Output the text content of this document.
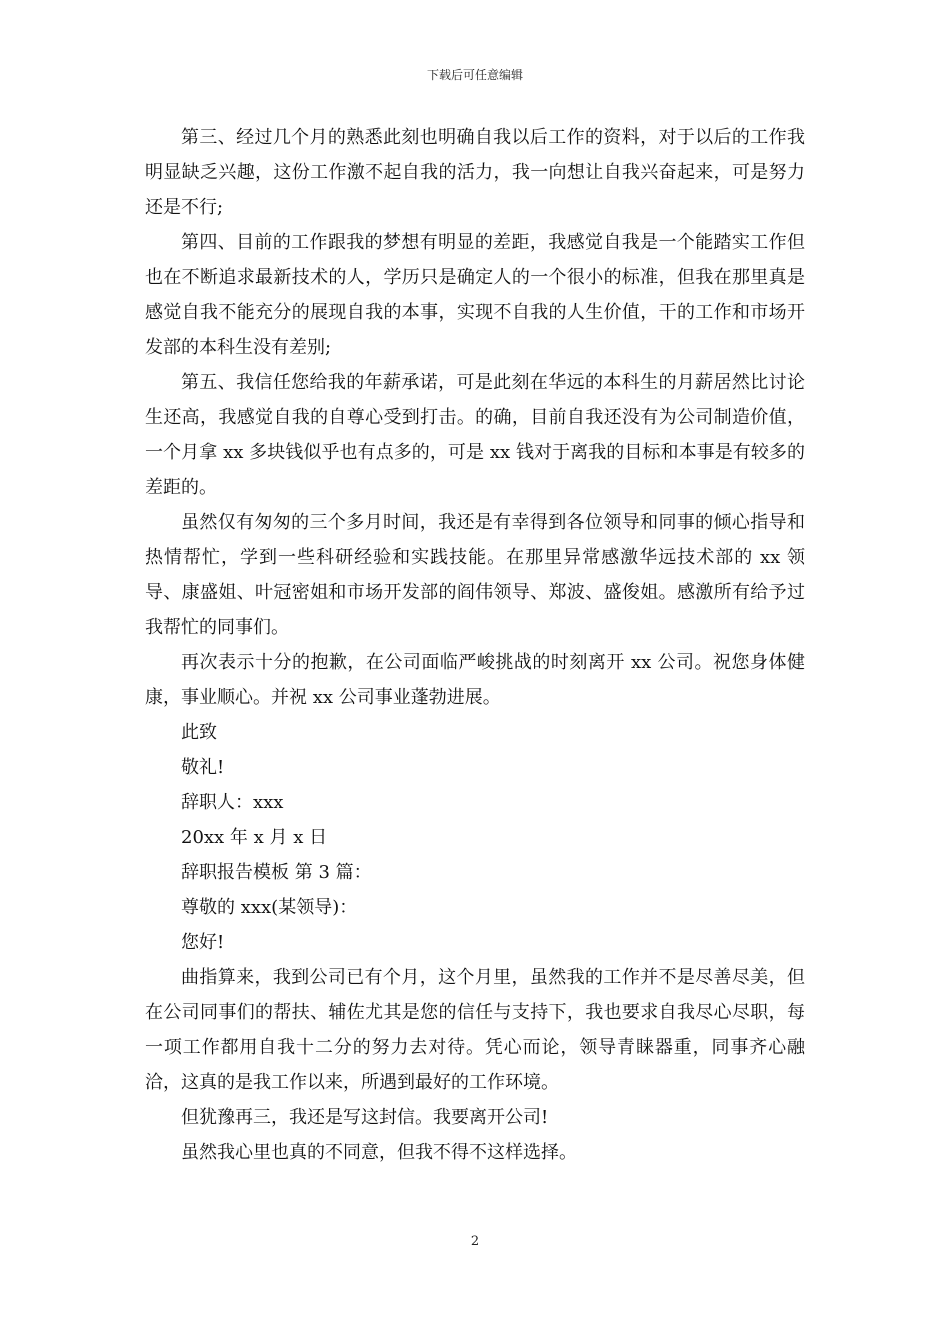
下载后可任意编辑

第三、经过几个月的熟悉此刻也明确自我以后工作的资料，对于以后的工作我明显缺乏兴趣，这份工作激不起自我的活力，我一向想让自我兴奋起来，可是努力还是不行;

第四、目前的工作跟我的梦想有明显的差距，我感觉自我是一个能踏实工作但也在不断追求最新技术的人，学历只是确定人的一个很小的标准，但我在那里真是感觉自我不能充分的展现自我的本事，实现不自我的人生价值，干的工作和市场开发部的本科生没有差别;

第五、我信任您给我的年薪承诺，可是此刻在华远的本科生的月薪居然比讨论生还高，我感觉自我的自尊心受到打击。的确，目前自我还没有为公司制造价值，一个月拿 xx 多块钱似乎也有点多的，可是 xx 钱对于离我的目标和本事是有较多的差距的。

虽然仅有匆匆的三个多月时间，我还是有幸得到各位领导和同事的倾心指导和热情帮忙，学到一些科研经验和实践技能。在那里异常感激华远技术部的 xx 领导、康盛姐、叶冠密姐和市场开发部的阎伟领导、郑波、盛俊姐。感激所有给予过我帮忙的同事们。

再次表示十分的抱歉，在公司面临严峻挑战的时刻离开 xx 公司。祝您身体健康，事业顺心。并祝 xx 公司事业蓬勃进展。

此致

敬礼!

辞职人：xxx

20xx 年 x 月 x 日

辞职报告模板 第 3 篇：

尊敬的 xxx(某领导)：

您好!

曲指算来，我到公司已有个月，这个月里，虽然我的工作并不是尽善尽美，但在公司同事们的帮扶、辅佐尤其是您的信任与支持下，我也要求自我尽心尽职，每一项工作都用自我十二分的努力去对待。凭心而论，领导青睐器重，同事齐心融洽，这真的是我工作以来，所遇到最好的工作环境。

但犹豫再三，我还是写这封信。我要离开公司!

虽然我心里也真的不同意，但我不得不这样选择。

2
